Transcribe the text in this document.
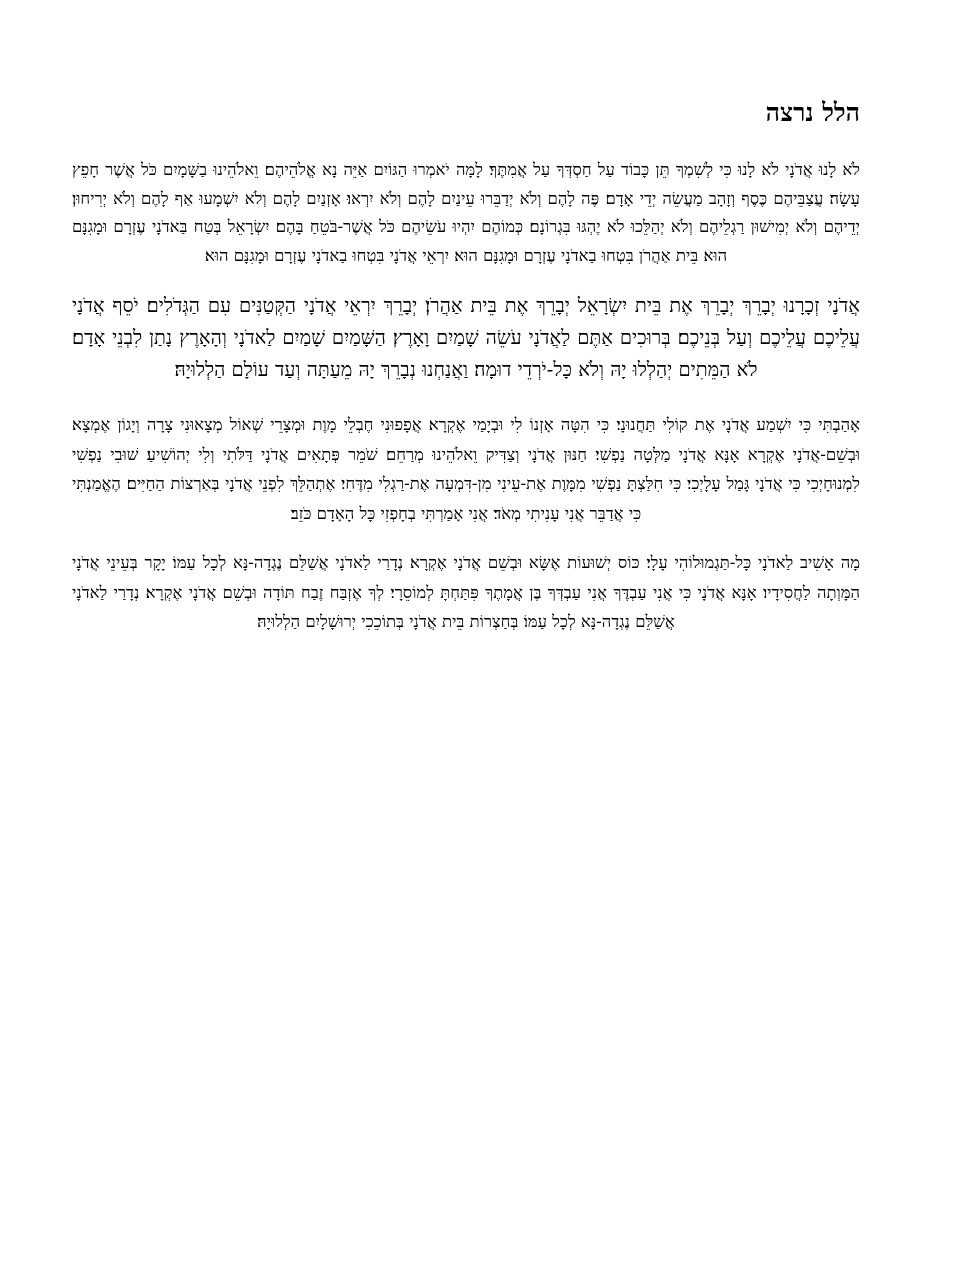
הלל נרצה

לֹא לָנוּ אֲדֹנָי לֹא לָנוּ כִּי לְשִׁמְךָ תֵּן כָּבוֹד עַל חַסְדְּךָ עַל אֲמִתֶּךָ׃ לָמָּה יֹאמְרוּ הַגּוֹיִם אַיֵּה נָא אֱלֹהֵיהֶם׃ וֵאלֹהֵינוּ בַשָּׁמָיִם כֹּל אֲשֶׁר חָפֵץ עָשָׂה׃ עֲצַבֵּיהֶם כֶּסֶף וְזָהָב מַעֲשֵׂה יְדֵי אָדָם׃ פֶּה לָהֶם וְלֹא יְדַבֵּרוּ עֵינַיִם לָהֶם וְלֹא יִרְאוּ׃ אָזְנַיִם לָהֶם וְלֹא יִשְׁמָעוּ אַף לָהֶם וְלֹא יְרִיחוּן׃ יְדֵיהֶם וְלֹא יְמִישׁוּן רַגְלֵיהֶם וְלֹא יְהַלֵּכוּ לֹא יֶהְגּוּ בִּגְרוֹנָם׃ כְּמוֹהֶם יִהְיוּ עֹשֵׂיהֶם כֹּל אֲשֶׁר-בֹּטֵחַ בָּהֶם׃ יִשְׂרָאֵל בְּטַח בַּאדֹנָי עֶזְרָם וּמָגִנָּם הוּא׃ בֵּית אַהֲרֹן בִּטְחוּ בַאדֹנָי עֶזְרָם וּמָגִנָּם הוּא׃ יִרְאֵי אֲדֹנָי בִּטְחוּ בַאדֹנָי עֶזְרָם וּמָגִנָּם הוּא׃

אֲדֹנָי זְכָרָנוּ יְבָרֵךְ יְבָרֵךְ אֶת בֵּית יִשְׂרָאֵל יְבָרֵךְ אֶת בֵּית אַהֲרֹן׃ יְבָרֵךְ יִרְאֵי אֲדֹנָי הַקְּטַנִּים עִם הַגְּדֹלִים׃ יֹסֵף אֲדֹנָי עֲלֵיכֶם עֲלֵיכֶם וְעַל בְּנֵיכֶם׃ בְּרוּכִים אַתֶּם לַאֲדֹנָי עֹשֵׂה שָׁמַיִם וָאָרֶץ׃ הַשָּׁמַיִם שָׁמַיִם לַאדֹנָי וְהָאָרֶץ נָתַן לִבְנֵי אָדָם׃ לֹא הַמֵּתִים יְהַלְלוּ יָהּ וְלֹא כָּל-יֹרְדֵי דוּמָה׃ וַאֲנַחְנוּ נְבָרֵךְ יָהּ מֵעַתָּה וְעַד עוֹלָם הַלְלוּיָהּ׃

אָהַבְתִּי כִּי יִשְׁמַע אֲדֹנָי אֶת קוֹלִי תַּחֲנוּנָי׃ כִּי הִטָּה אָזְנוֹ לִי וּבְיָמַי אֶקְרָא׃ אֲפָפוּנִי חֶבְלֵי מָוֶת וּמְצָרֵי שְׁאוֹל מְצָאוּנִי צָרָה וְיָגוֹן אֶמְצָא׃ וּבְשֵׁם-אֲדֹנָי אֶקְרָא אָנָּא אֲדֹנָי מַלְּטָה נַפְשִׁי׃ חַנּוּן אֲדֹנָי וְצַדִּיק וֵאלֹהֵינוּ מְרַחֵם׃ שֹׁמֵר פְּתָאִים אֲדֹנָי דַּלֹּתִי וְלִי יְהוֹשִׁיעַ׃ שׁוּבִי נַפְשִׁי לִמְנוּחָיְכִי כִּי אֲדֹנָי גָּמַל עָלָיְכִי׃ כִּי חִלַּצְתָּ נַפְשִׁי מִמָּוֶת אֶת-עֵינִי מִן-דִּמְעָה אֶת-רַגְלִי מִדֶּחִי׃ אֶתְהַלֵּךְ לִפְנֵי אֲדֹנָי בְּאַרְצוֹת הַחַיִּים׃ הֶאֱמַנְתִּי כִּי אֲדַבֵּר אֲנִי עָנִיתִי מְאֹד׃ אֲנִי אָמַרְתִּי בְחָפְזִי כָּל הָאָדָם כֹּזֵב׃

מָה אָשִׁיב לַאדֹנָי כָּל-תַּגְמוּלוֹהִי עָלָי׃ כּוֹס יְשׁוּעוֹת אֶשָּׂא וּבְשֵׁם אֲדֹנָי אֶקְרָא׃ נְדָרַי לַאדֹנָי אֲשַׁלֵּם נֶגְדָה-נָּא לְכָל עַמּוֹ׃ יָקָר בְּעֵינֵי אֲדֹנָי הַמָּוְתָה לַחֲסִידָיו׃ אָנָּא אֲדֹנָי כִּי אֲנִי עַבְדֶּךָ אֲנִי עַבְדְּךָ בֶּן אֲמָתֶךָ פִּתַּחְתָּ לְמוֹסֵרָי׃ לְךָ אֶזְבַּח זֶבַח תּוֹדָה וּבְשֵׁם אֲדֹנָי אֶקְרָא׃ נְדָרַי לַאדֹנָי אֲשַׁלֵּם נֶגְדָה-נָּא לְכָל עַמּוֹ׃ בְּחַצְרוֹת בֵּית אֲדֹנָי בְּתוֹכֵכִי יְרוּשָׁלָיִם הַלְלוּיָהּ׃
